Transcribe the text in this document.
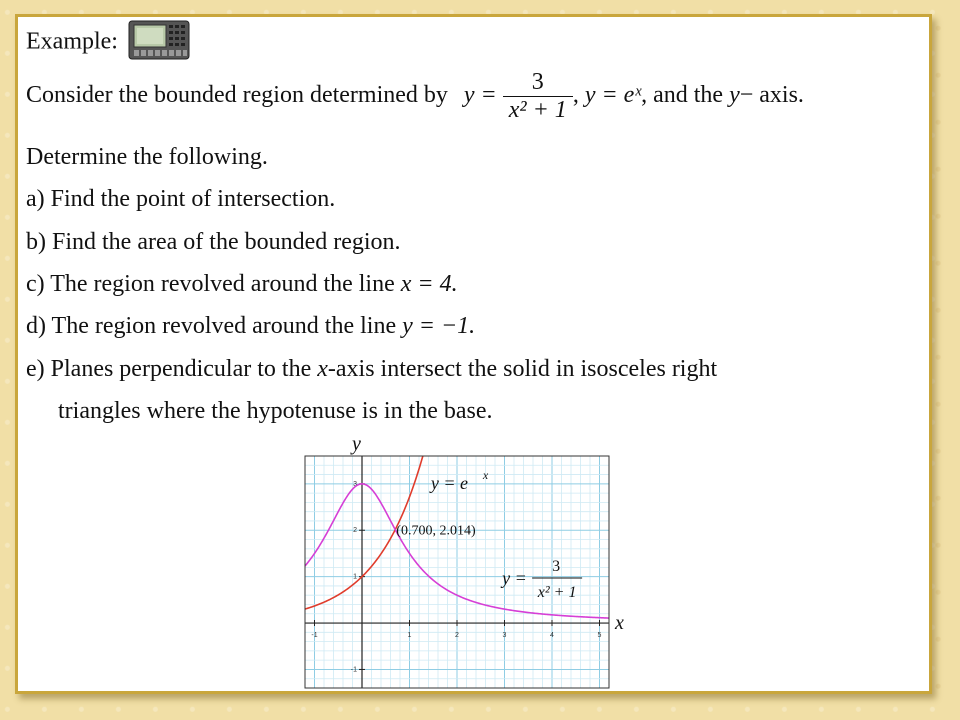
Example:
Consider the bounded region determined by $y = \frac{3}{\text{x² + 1}}$ , y = eˣ, and the y− axis.
Determine the following.
a) Find the point of intersection.
b) Find the area of the bounded region.
c) The region revolved around the line x = 4.
d) The region revolved around the line y = −1.
e) Planes perpendicular to the x-axis intersect the solid in isosceles right
triangles where the hypotenuse is in the base.
-1	1	2	3	4	5
-1
1
2
3
y
x
(0.700, 2.014)
y = e x
y =
3
x² + 1
